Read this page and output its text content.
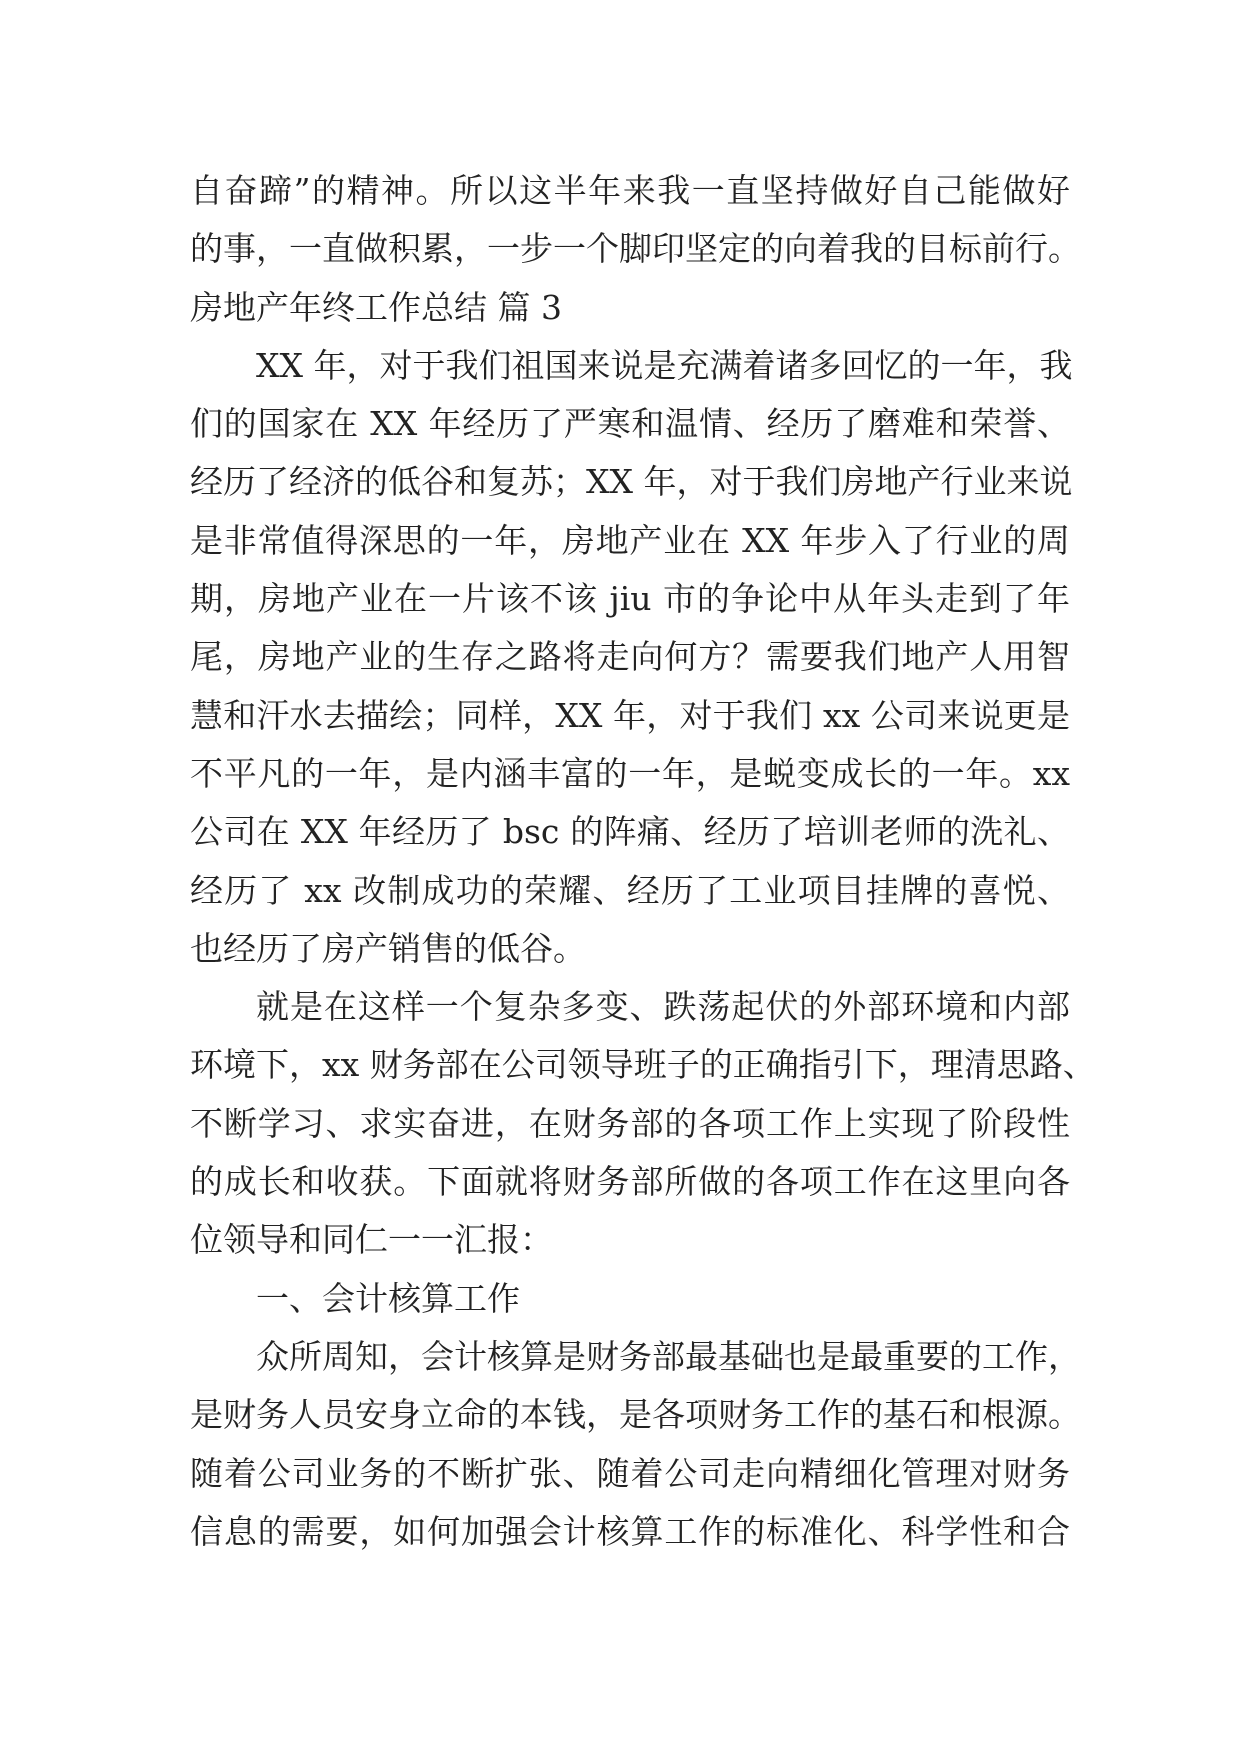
自奋蹄”的精神。所以这半年来我一直坚持做好自己能做好
的事，一直做积累，一步一个脚印坚定的向着我的目标前行。
房地产年终工作总结 篇 3
XX 年，对于我们祖国来说是充满着诸多回忆的一年，我
们的国家在 XX 年经历了严寒和温情、经历了磨难和荣誉、
经历了经济的低谷和复苏；XX 年，对于我们房地产行业来说
是非常值得深思的一年，房地产业在 XX 年步入了行业的周
期，房地产业在一片该不该 jiu 市的争论中从年头走到了年
尾，房地产业的生存之路将走向何方？需要我们地产人用智
慧和汗水去描绘；同样，XX 年，对于我们 xx 公司来说更是
不平凡的一年，是内涵丰富的一年，是蜕变成长的一年。xx
公司在 XX 年经历了 bsc 的阵痛、经历了培训老师的洗礼、
经历了 xx 改制成功的荣耀、经历了工业项目挂牌的喜悦、
也经历了房产销售的低谷。
就是在这样一个复杂多变、跌荡起伏的外部环境和内部
环境下，xx 财务部在公司领导班子的正确指引下，理清思路、
不断学习、求实奋进，在财务部的各项工作上实现了阶段性
的成长和收获。下面就将财务部所做的各项工作在这里向各
位领导和同仁一一汇报：
一、会计核算工作
众所周知，会计核算是财务部最基础也是最重要的工作，
是财务人员安身立命的本钱，是各项财务工作的基石和根源。
随着公司业务的不断扩张、随着公司走向精细化管理对财务
信息的需要，如何加强会计核算工作的标准化、科学性和合
